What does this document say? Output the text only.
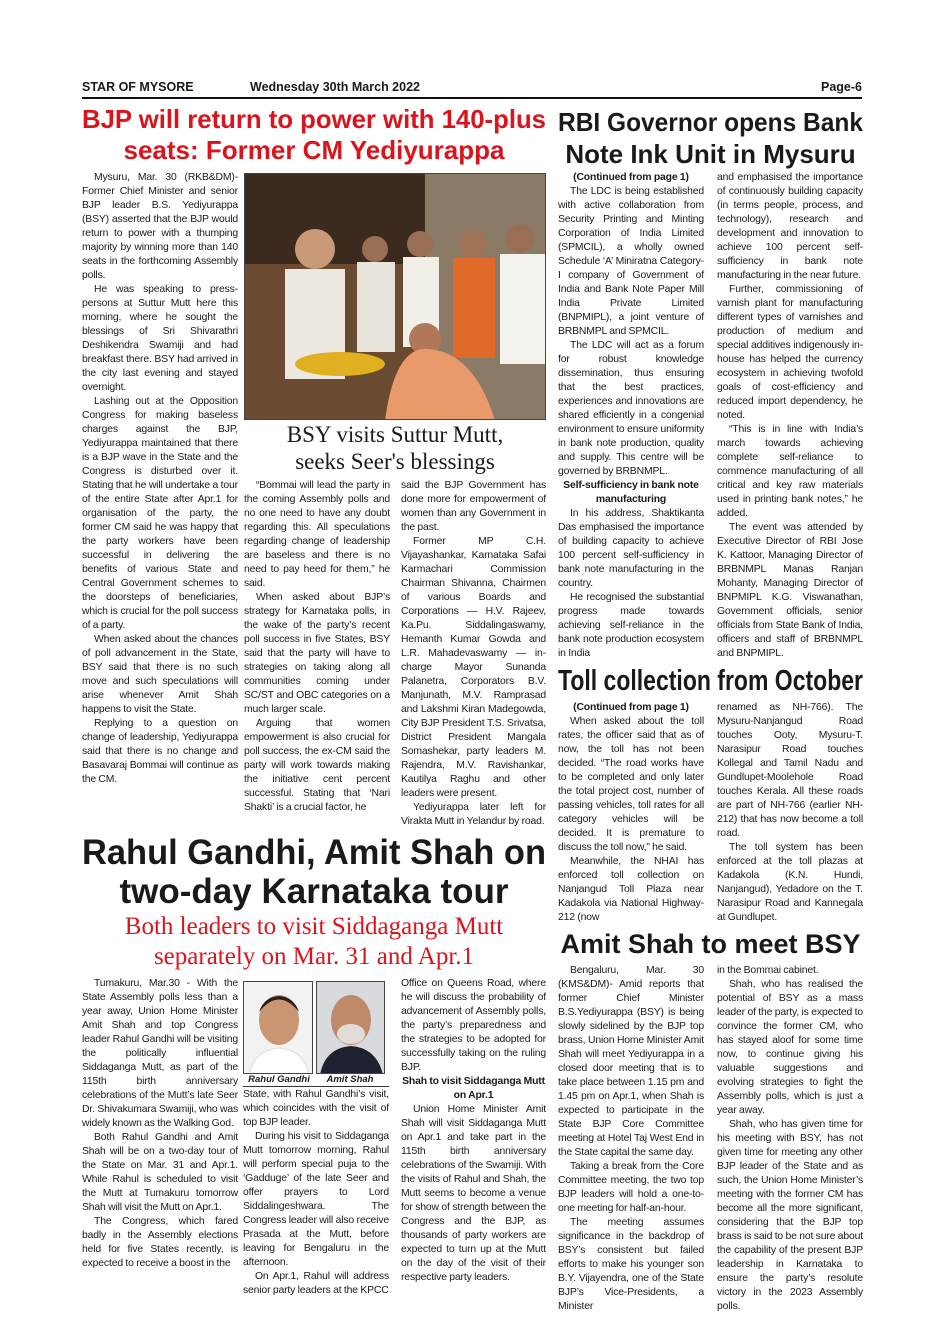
STAR OF MYSORE	Wednesday 30th March 2022	Page-6
BJP will return to power with 140-plus
seats: Former CM Yediyurappa

Mysuru, Mar. 30 (RKB&DM)- Former Chief Minister and senior BJP leader B.S. Yediyurappa (BSY) asserted that the BJP would return to power with a thumping majority by winning more than 140 seats in the forthcoming Assembly polls.

He was speaking to press-persons at Suttur Mutt here this morning, where he sought the blessings of Sri Shivarathri Deshikendra Swamiji and had breakfast there. BSY had arrived in the city last evening and stayed overnight.

Lashing out at the Opposition Congress for making baseless charges against the BJP, Yediyurappa maintained that there is a BJP wave in the State and the Congress is disturbed over it. Stating that he will undertake a tour of the entire State after Apr.1 for organisation of the party, the former CM said he was happy that the party workers have been successful in delivering the benefits of various State and Central Government schemes to the doorsteps of beneficiaries, which is crucial for the poll success of a party.

When asked about the chances of poll advancement in the State, BSY said that there is no such move and such speculations will arise whenever Amit Shah happens to visit the State.

Replying to a question on change of leadership, Yediyurappa said that there is no change and Basavaraj Bommai will continue as the CM.

BSY visits Suttur Mutt,
seeks Seer's blessings

“Bommai will lead the party in the coming Assembly polls and no one need to have any doubt regarding this. All speculations regarding change of leadership are baseless and there is no need to pay heed for them,” he said.

When asked about BJP’s strategy for Karnataka polls, in the wake of the party’s recent poll success in five States, BSY said that the party will have to strategies on taking along all communities coming under SC/ST and OBC categories on a much larger scale.

Arguing that women empowerment is also crucial for poll success, the ex-CM said the party will work towards making the initiative cent percent successful. Stating that ‘Nari Shakti’ is a crucial factor, he

said the BJP Government has done more for empowerment of women than any Government in the past.

Former MP C.H. Vijayashankar, Karnataka Safai Karmachari Commission Chairman Shivanna, Chairmen of various Boards and Corporations — H.V. Rajeev, Ka.Pu. Siddalingaswamy, Hemanth Kumar Gowda and L.R. Mahadevaswamy — in-charge Mayor Sunanda Palanetra, Corporators B.V. Manjunath, M.V. Ramprasad and Lakshmi Kiran Madegowda, City BJP President T.S. Srivatsa, District President Mangala Somashekar, party leaders M. Rajendra, M.V. Ravishankar, Kautilya Raghu and other leaders were present.

Yediyurappa later left for Virakta Mutt in Yelandur by road.

Rahul Gandhi, Amit Shah on
two-day Karnataka tour
Both leaders to visit Siddaganga Mutt
separately on Mar. 31 and Apr.1

Tumakuru, Mar.30 - With the State Assembly polls less than a year away, Union Home Minister Amit Shah and top Congress leader Rahul Gandhi will be visiting the politically influential Siddaganga Mutt, as part of the 115th birth anniversary celebrations of the Mutt’s late Seer Dr. Shivakumara Swamiji, who was widely known as the Walking God.

Both Rahul Gandhi and Amit Shah will be on a two-day tour of the State on Mar. 31 and Apr.1. While Rahul is scheduled to visit the Mutt at Tumakuru tomorrow Shah will visit the Mutt on Apr.1.

The Congress, which fared badly in the Assembly elections held for five States recently, is expected to receive a boost in the

Rahul Gandhi	Amit Shah

State, with Rahul Gandhi’s visit, which coincides with the visit of top BJP leader.

During his visit to Siddaganga Mutt tomorrow morning, Rahul will perform special puja to the ‘Gadduge’ of the late Seer and offer prayers to Lord Siddalingeshwara. The Congress leader will also receive Prasada at the Mutt, before leaving for Bengaluru in the afternoon.

On Apr.1, Rahul will address senior party leaders at the KPCC

Office on Queens Road, where he will discuss the probability of advancement of Assembly polls, the party’s preparedness and the strategies to be adopted for successfully taking on the ruling BJP.

Shah to visit Siddaganga Mutt on Apr.1

Union Home Minister Amit Shah will visit Siddaganga Mutt on Apr.1 and take part in the 115th birth anniversary celebrations of the Swamiji. With the visits of Rahul and Shah, the Mutt seems to become a venue for show of strength between the Congress and the BJP, as thousands of party workers are expected to turn up at the Mutt on the day of the visit of their respective party leaders.

RBI Governor opens Bank
Note Ink Unit in Mysuru

(Continued from page 1)

The LDC is being established with active collaboration from Security Printing and Minting Corporation of India Limited (SPMCIL), a wholly owned Schedule ‘A’ Miniratna Category-I company of Government of India and Bank Note Paper Mill India Private Limited (BNPMIPL), a joint venture of BRBNMPL and SPMCIL.

The LDC will act as a forum for robust knowledge dissemination, thus ensuring that the best practices, experiences and innovations are shared efficiently in a congenial environment to ensure uniformity in bank note production, quality and supply. This centre will be governed by BRBNMPL.

Self-sufficiency in bank note manufacturing

In his address, Shaktikanta Das emphasised the importance of building capacity to achieve 100 percent self-sufficiency in bank note manufacturing in the country.

He recognised the substantial progress made towards achieving self-reliance in the bank note production ecosystem in India

and emphasised the importance of continuously building capacity (in terms people, process, and technology), research and development and innovation to achieve 100 percent self-sufficiency in bank note manufacturing in the near future.

Further, commissioning of varnish plant for manufacturing different types of varnishes and production of medium and special additives indigenously in-house has helped the currency ecosystem in achieving twofold goals of cost-efficiency and reduced import dependency, he noted.

“This is in line with India’s march towards achieving complete self-reliance to commence manufacturing of all critical and key raw materials used in printing bank notes,” he added.

The event was attended by Executive Director of RBI Jose K. Kattoor, Managing Director of BRBNMPL Manas Ranjan Mohanty, Managing Director of BNPMIPL K.G. Viswanathan, Government officials, senior officials from State Bank of India, officers and staff of BRBNMPL and BNPMIPL.

Toll collection from October

(Continued from page 1)

When asked about the toll rates, the officer said that as of now, the toll has not been decided. “The road works have to be completed and only later the total project cost, number of passing vehicles, toll rates for all category vehicles will be decided. It is premature to discuss the toll now,” he said.

Meanwhile, the NHAI has enforced toll collection on Nanjangud Toll Plaza near Kadakola via National Highway-212 (now

renamed as NH-766). The Mysuru-Nanjangud Road touches Ooty, Mysuru-T. Narasipur Road touches Kollegal and Tamil Nadu and Gundlupet-Moolehole Road touches Kerala. All these roads are part of NH-766 (earlier NH-212) that has now become a toll road.

The toll system has been enforced at the toll plazas at Kadakola (K.N. Hundi, Nanjangud), Yedadore on the T. Narasipur Road and Kannegala at Gundlupet.

Amit Shah to meet BSY

Bengaluru, Mar. 30 (KMS&DM)- Amid reports that former Chief Minister B.S.Yediyurappa (BSY) is being slowly sidelined by the BJP top brass, Union Home Minister Amit Shah will meet Yediyurappa in a closed door meeting that is to take place between 1.15 pm and 1.45 pm on Apr.1, when Shah is expected to participate in the State BJP Core Committee meeting at Hotel Taj West End in the State capital the same day.

Taking a break from the Core Committee meeting, the two top BJP leaders will hold a one-to-one meeting for half-an-hour.

The meeting assumes significance in the backdrop of BSY’s consistent but failed efforts to make his younger son B.Y. Vijayendra, one of the State BJP’s Vice-Presidents, a Minister

in the Bommai cabinet.

Shah, who has realised the potential of BSY as a mass leader of the party, is expected to convince the former CM, who has stayed aloof for some time now, to continue giving his valuable suggestions and evolving strategies to fight the Assembly polls, which is just a year away.

Shah, who has given time for his meeting with BSY, has not given time for meeting any other BJP leader of the State and as such, the Union Home Minister’s meeting with the former CM has become all the more significant, considering that the BJP top brass is said to be not sure about the capability of the present BJP leadership in Karnataka to ensure the party’s resolute victory in the 2023 Assembly polls.
